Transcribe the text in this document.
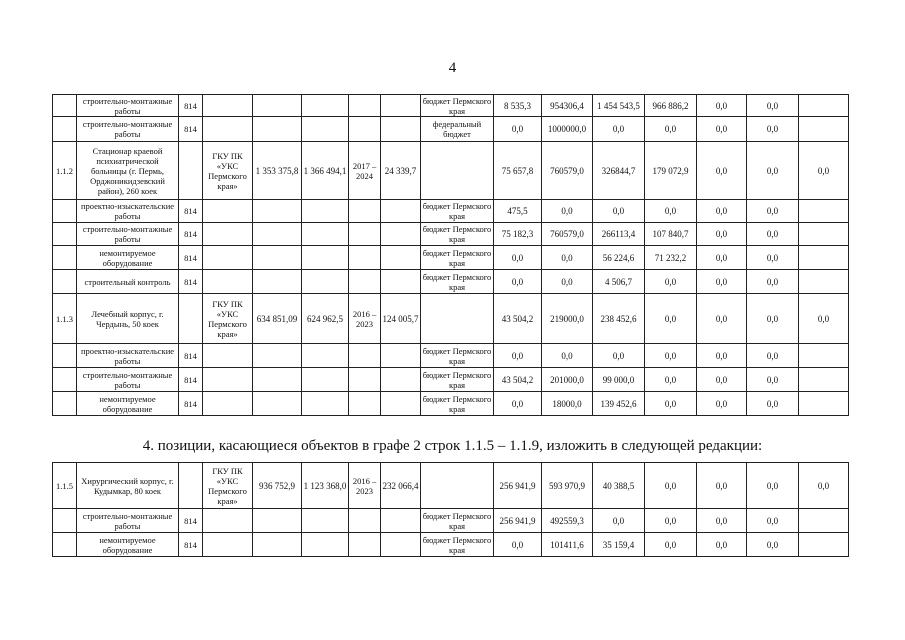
4
	строительно-монтажные работы	814						бюджет Пермского края	8 535,3	954306,4	1 454 543,5	966 886,2	0,0	0,0	
	строительно-монтажные работы	814						федеральный бюджет	0,0	1000000,0	0,0	0,0	0,0	0,0	
1.1.2	Стационар краевой психиатрической больницы (г. Пермь, Орджоникидзевский район), 260 коек		ГКУ ПК «УКС Пермского края»	1 353 375,8	1 366 494,1	2017 – 2024	24 339,7		75 657,8	760579,0	326844,7	179 072,9	0,0	0,0	0,0
	проектно-изыскательские работы	814						бюджет Пермского края	475,5	0,0	0,0	0,0	0,0	0,0	
	строительно-монтажные работы	814						бюджет Пермского края	75 182,3	760579,0	266113,4	107 840,7	0,0	0,0	
	немонтируемое оборудование	814						бюджет Пермского края	0,0	0,0	56 224,6	71 232,2	0,0	0,0	
	строительный контроль	814						бюджет Пермского края	0,0	0,0	4 506,7	0,0	0,0	0,0	
1.1.3	Лечебный корпус, г. Чердынь, 50 коек		ГКУ ПК «УКС Пермского края»	634 851,09	624 962,5	2016 – 2023	124 005,7		43 504,2	219000,0	238 452,6	0,0	0,0	0,0	0,0
	проектно-изыскательские работы	814						бюджет Пермского края	0,0	0,0	0,0	0,0	0,0	0,0	
	строительно-монтажные работы	814						бюджет Пермского края	43 504,2	201000,0	99 000,0	0,0	0,0	0,0	
	немонтируемое оборудование	814						бюджет Пермского края	0,0	18000,0	139 452,6	0,0	0,0	0,0	
4. позиции, касающиеся объектов в графе 2 строк 1.1.5 – 1.1.9, изложить в следующей редакции:
1.1.5	Хирургический корпус, г. Кудымкар, 80 коек		ГКУ ПК «УКС Пермского края»	936 752,9	1 123 368,0	2016 – 2023	232 066,4		256 941,9	593 970,9	40 388,5	0,0	0,0	0,0	0,0
	строительно-монтажные работы	814						бюджет Пермского края	256 941,9	492559,3	0,0	0,0	0,0	0,0	
	немонтируемое оборудование	814						бюджет Пермского края	0,0	101411,6	35 159,4	0,0	0,0	0,0	
